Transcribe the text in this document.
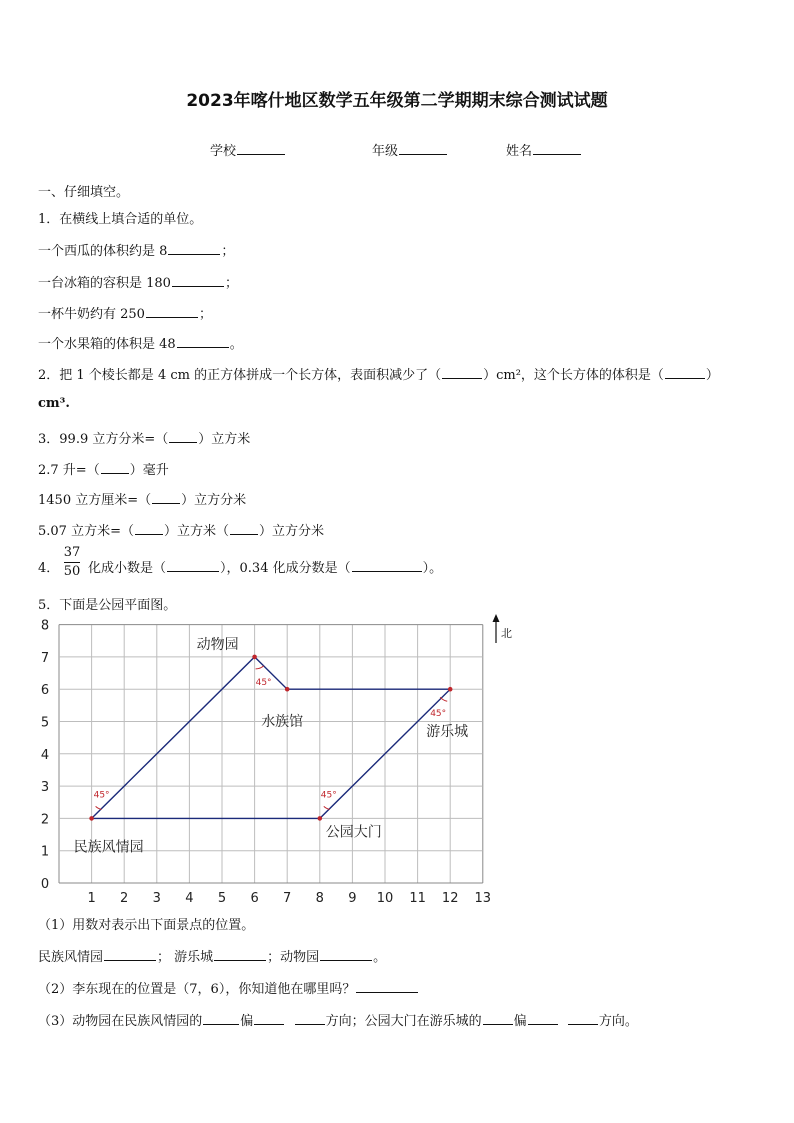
2023年喀什地区数学五年级第二学期期末综合测试试题
学校	年级	姓名
一、仔细填空。
1．在横线上填合适的单位。
一个西瓜的体积约是 8	；
一台冰箱的容积是 180	；
一杯牛奶约有 250	；
一个水果箱的体积是 48	。
2．把 1 个棱长都是 4 cm 的正方体拼成一个长方体，表面积减少了（	）cm²，这个长方体的体积是（	）
cm³.
3．99.9 立方分米=（ ）立方米
2.7 升=（ ）毫升
1450 立方厘米=（ ）立方分米
5.07 立方米=（ ）立方米（ ）立方分米
4．
37
50 化成小数是（	），0.34 化成分数是（	）。
5．下面是公园平面图。
1 2 3 4 5 6 7 8 9 10 11 12 13
0
1
2
3
4
5
6
7
8
45°	45°
45°
45°
民族风情园
动物园
水族馆
游乐城
公园大门
北
（1）用数对表示出下面景点的位置。
民族风情园	； 游乐城	；动物园	。
（2）李东现在的位置是（7，6），你知道他在哪里吗？
（3）动物园在民族风情园的	偏	方向；公园大门在游乐城的 偏	方向。
